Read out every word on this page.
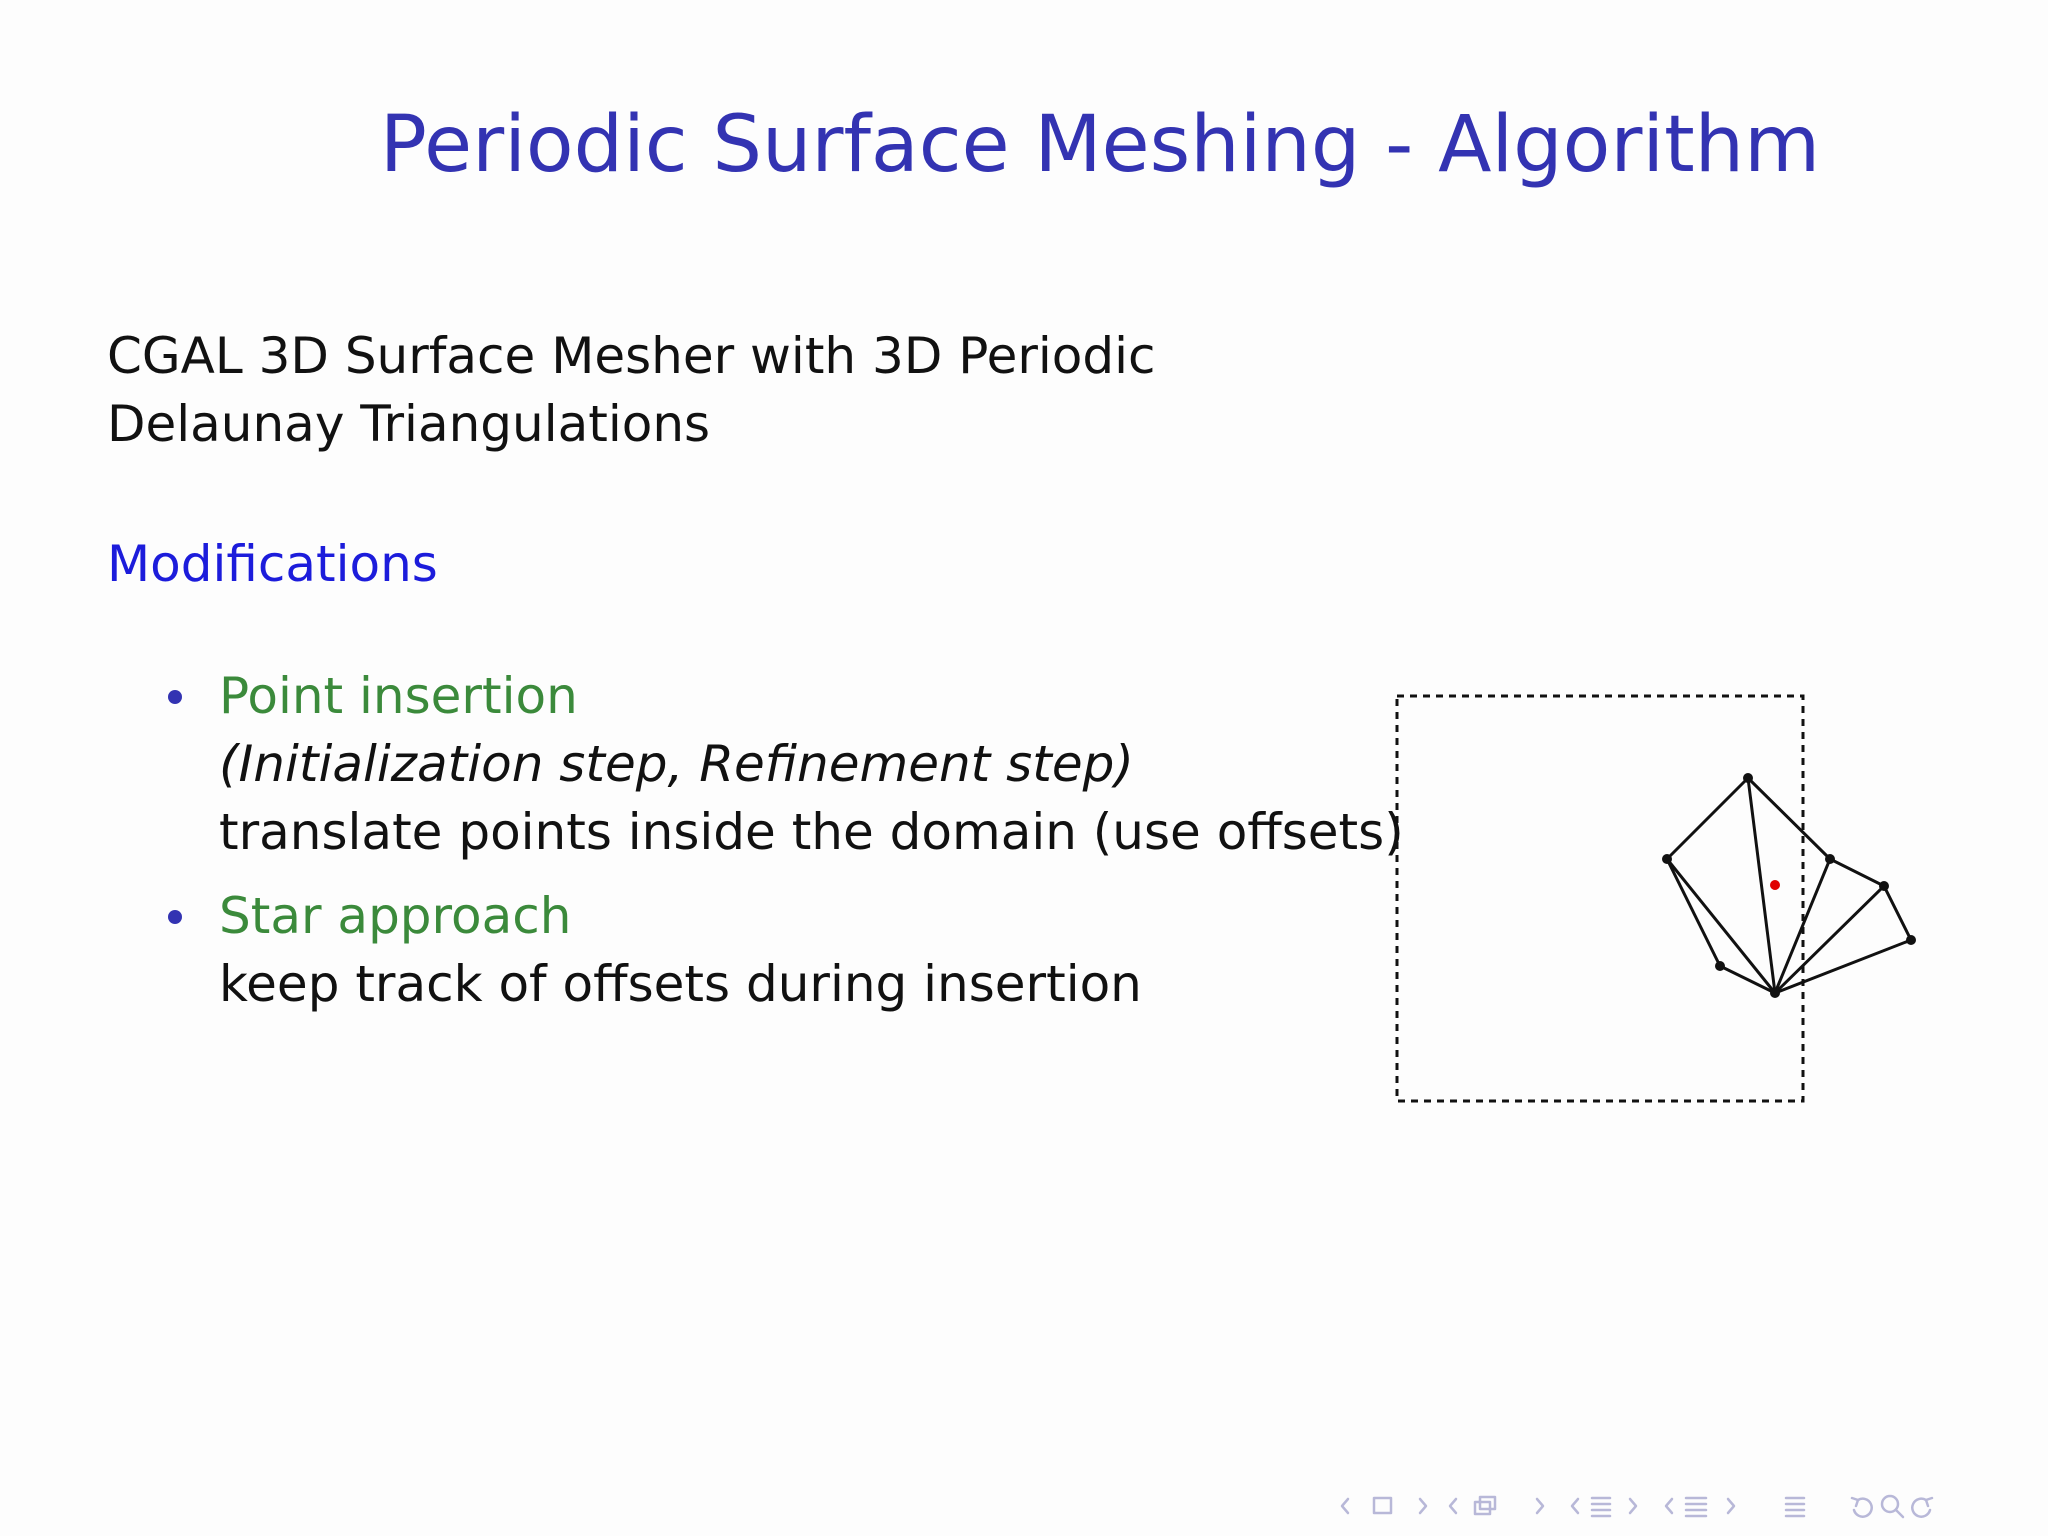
Periodic Surface Meshing - Algorithm
CGAL 3D Surface Mesher with 3D Periodic
Delaunay Triangulations
Modifications
Point insertion
(Initialization step, Refinement step)
translate points inside the domain (use offsets)
Star approach
keep track of offsets during insertion
